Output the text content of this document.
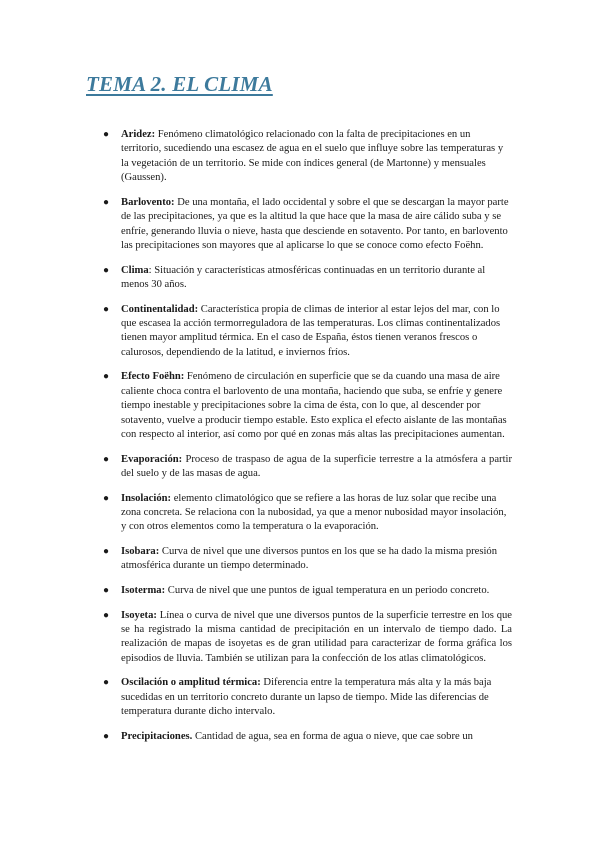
TEMA 2. EL CLIMA
● Aridez: Fenómeno climatológico relacionado con la falta de precipitaciones en un territorio, sucediendo una escasez de agua en el suelo que influye sobre las temperaturas y la vegetación de un territorio. Se mide con índices general (de Martonne) y mensuales (Gaussen).
● Barlovento: De una montaña, el lado occidental y sobre el que se descargan la mayor parte de las precipitaciones, ya que es la altitud la que hace que la masa de aire cálido suba y se enfríe, generando lluvia o nieve, hasta que desciende en sotavento. Por tanto, en barlovento las precipitaciones son mayores que al aplicarse lo que se conoce como efecto Foëhn.
● Clima: Situación y características atmosféricas continuadas en un territorio durante al menos 30 años.
● Continentalidad: Característica propia de climas de interior al estar lejos del mar, con lo que escasea la acción termorreguladora de las temperaturas. Los climas continentalizados tienen mayor amplitud térmica. En el caso de España, éstos tienen veranos frescos o calurosos, dependiendo de la latitud, e inviernos fríos.
● Efecto Foëhn: Fenómeno de circulación en superficie que se da cuando una masa de aire caliente choca contra el barlovento de una montaña, haciendo que suba, se enfríe y genere tiempo inestable y precipitaciones sobre la cima de ésta, con lo que, al descender por sotavento, vuelve a producir tiempo estable. Esto explica el efecto aislante de las montañas con respecto al interior, así como por qué en zonas más altas las precipitaciones aumentan.
● Evaporación: Proceso de traspaso de agua de la superficie terrestre a la atmósfera a partir del suelo y de las masas de agua.
● Insolación: elemento climatológico que se refiere a las horas de luz solar que recibe una zona concreta. Se relaciona con la nubosidad, ya que a menor nubosidad mayor insolación, y con otros elementos como la temperatura o la evaporación.
● Isobara: Curva de nivel que une diversos puntos en los que se ha dado la misma presión atmosférica durante un tiempo determinado.
● Isoterma: Curva de nivel que une puntos de igual temperatura en un periodo concreto.
● Isoyeta: Línea o curva de nivel que une diversos puntos de la superficie terrestre en los que se ha registrado la misma cantidad de precipitación en un intervalo de tiempo dado. La realización de mapas de isoyetas es de gran utilidad para caracterizar de forma gráfica los episodios de lluvia. También se utilizan para la confección de los atlas climatológicos.
● Oscilación o amplitud térmica: Diferencia entre la temperatura más alta y la más baja sucedidas en un territorio concreto durante un lapso de tiempo. Mide las diferencias de temperatura durante dicho intervalo.
● Precipitaciones. Cantidad de agua, sea en forma de agua o nieve, que cae sobre un
